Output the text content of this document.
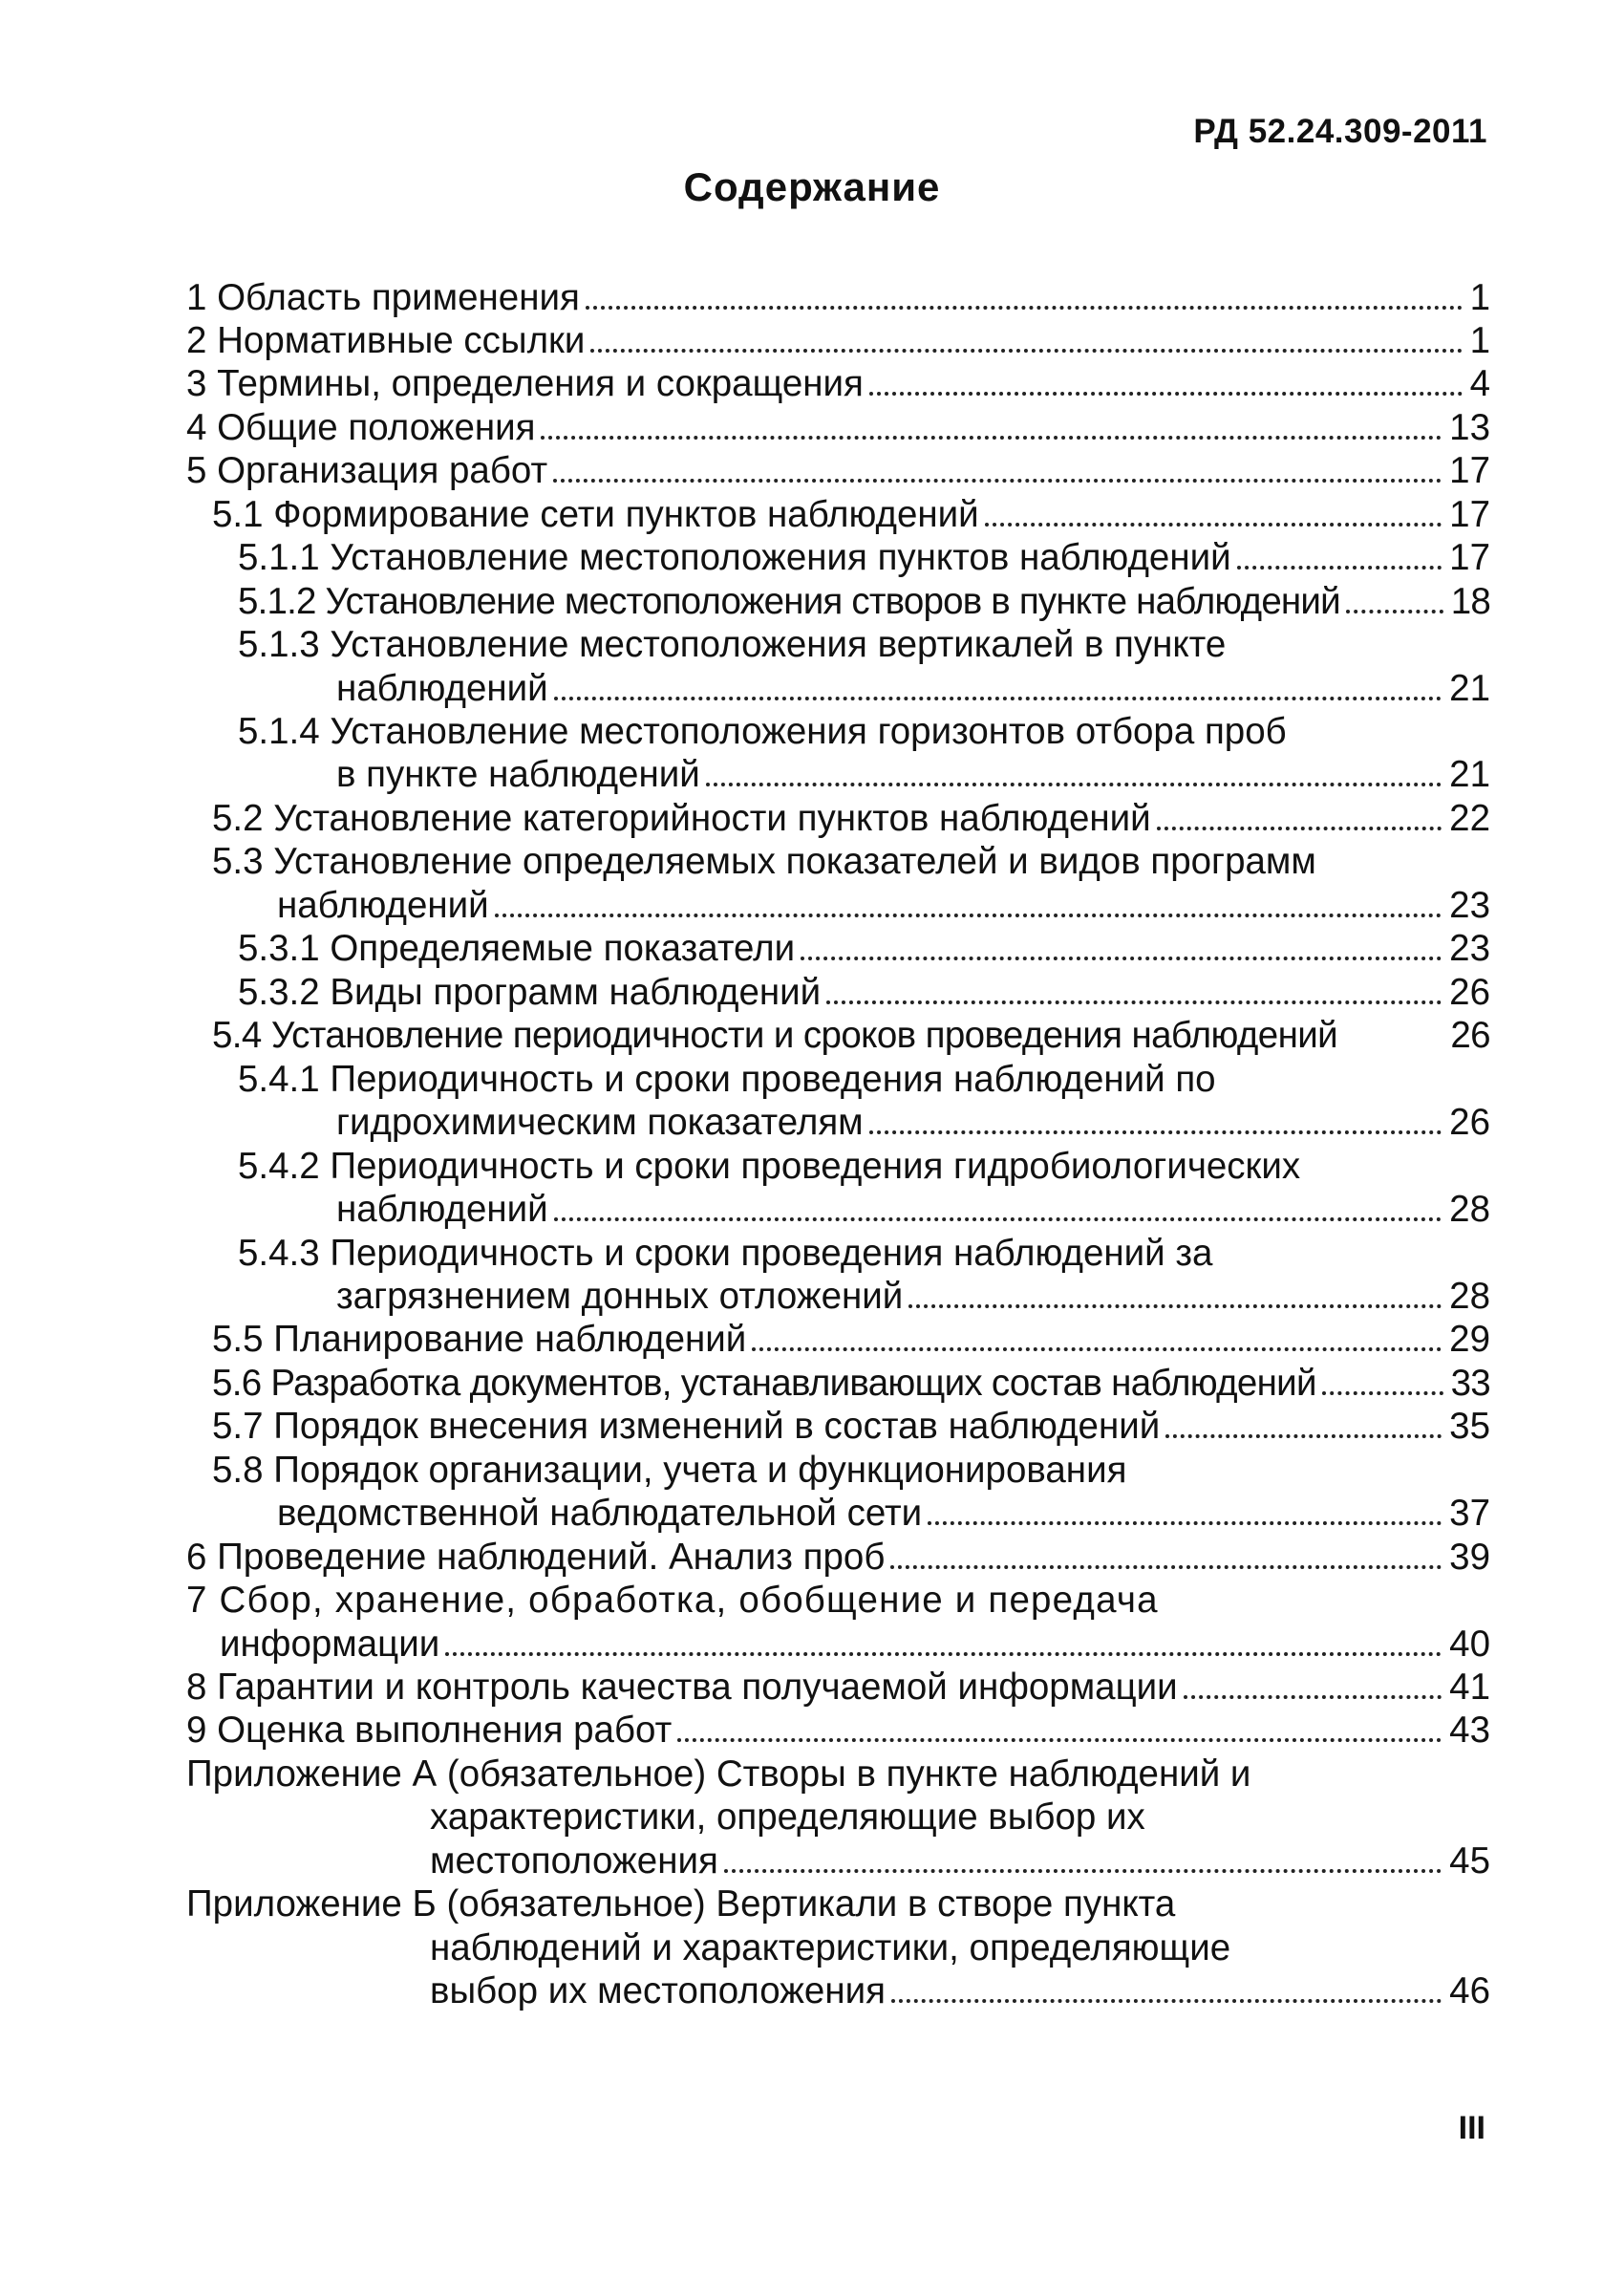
РД 52.24.309-2011
Содержание
1 Область применения	1
2 Нормативные ссылки	1
3 Термины, определения и сокращения	4
4 Общие положения	13
5 Организация работ	17
5.1 Формирование сети пунктов наблюдений	17
5.1.1 Установление местоположения пунктов наблюдений	17
5.1.2 Установление местоположения створов в пункте наблюдений	18
5.1.3 Установление местоположения вертикалей в пункте
наблюдений	21
5.1.4 Установление местоположения горизонтов отбора проб
в пункте наблюдений	21
5.2 Установление категорийности пунктов наблюдений	22
5.3 Установление определяемых показателей и видов программ
наблюдений	23
5.3.1 Определяемые показатели	23
5.3.2 Виды программ наблюдений	26
5.4 Установление периодичности и сроков проведения наблюдений	26
5.4.1 Периодичность и сроки проведения наблюдений по
гидрохимическим показателям	26
5.4.2 Периодичность и сроки проведения гидробиологических
наблюдений	28
5.4.3 Периодичность и сроки проведения наблюдений за
загрязнением донных отложений	28
5.5 Планирование наблюдений	29
5.6 Разработка документов, устанавливающих состав наблюдений	33
5.7 Порядок внесения изменений в состав наблюдений	35
5.8 Порядок организации, учета и функционирования
ведомственной наблюдательной сети	37
6 Проведение наблюдений. Анализ проб	39
7 Сбор, хранение, обработка, обобщение и передача
информации	40
8 Гарантии и контроль качества получаемой информации	41
9 Оценка выполнения работ	43
Приложение А (обязательное) Створы в пункте наблюдений и
характеристики, определяющие выбор их
местоположения	45
Приложение Б (обязательное) Вертикали в створе пункта
наблюдений и характеристики, определяющие
выбор их местоположения	46
III
